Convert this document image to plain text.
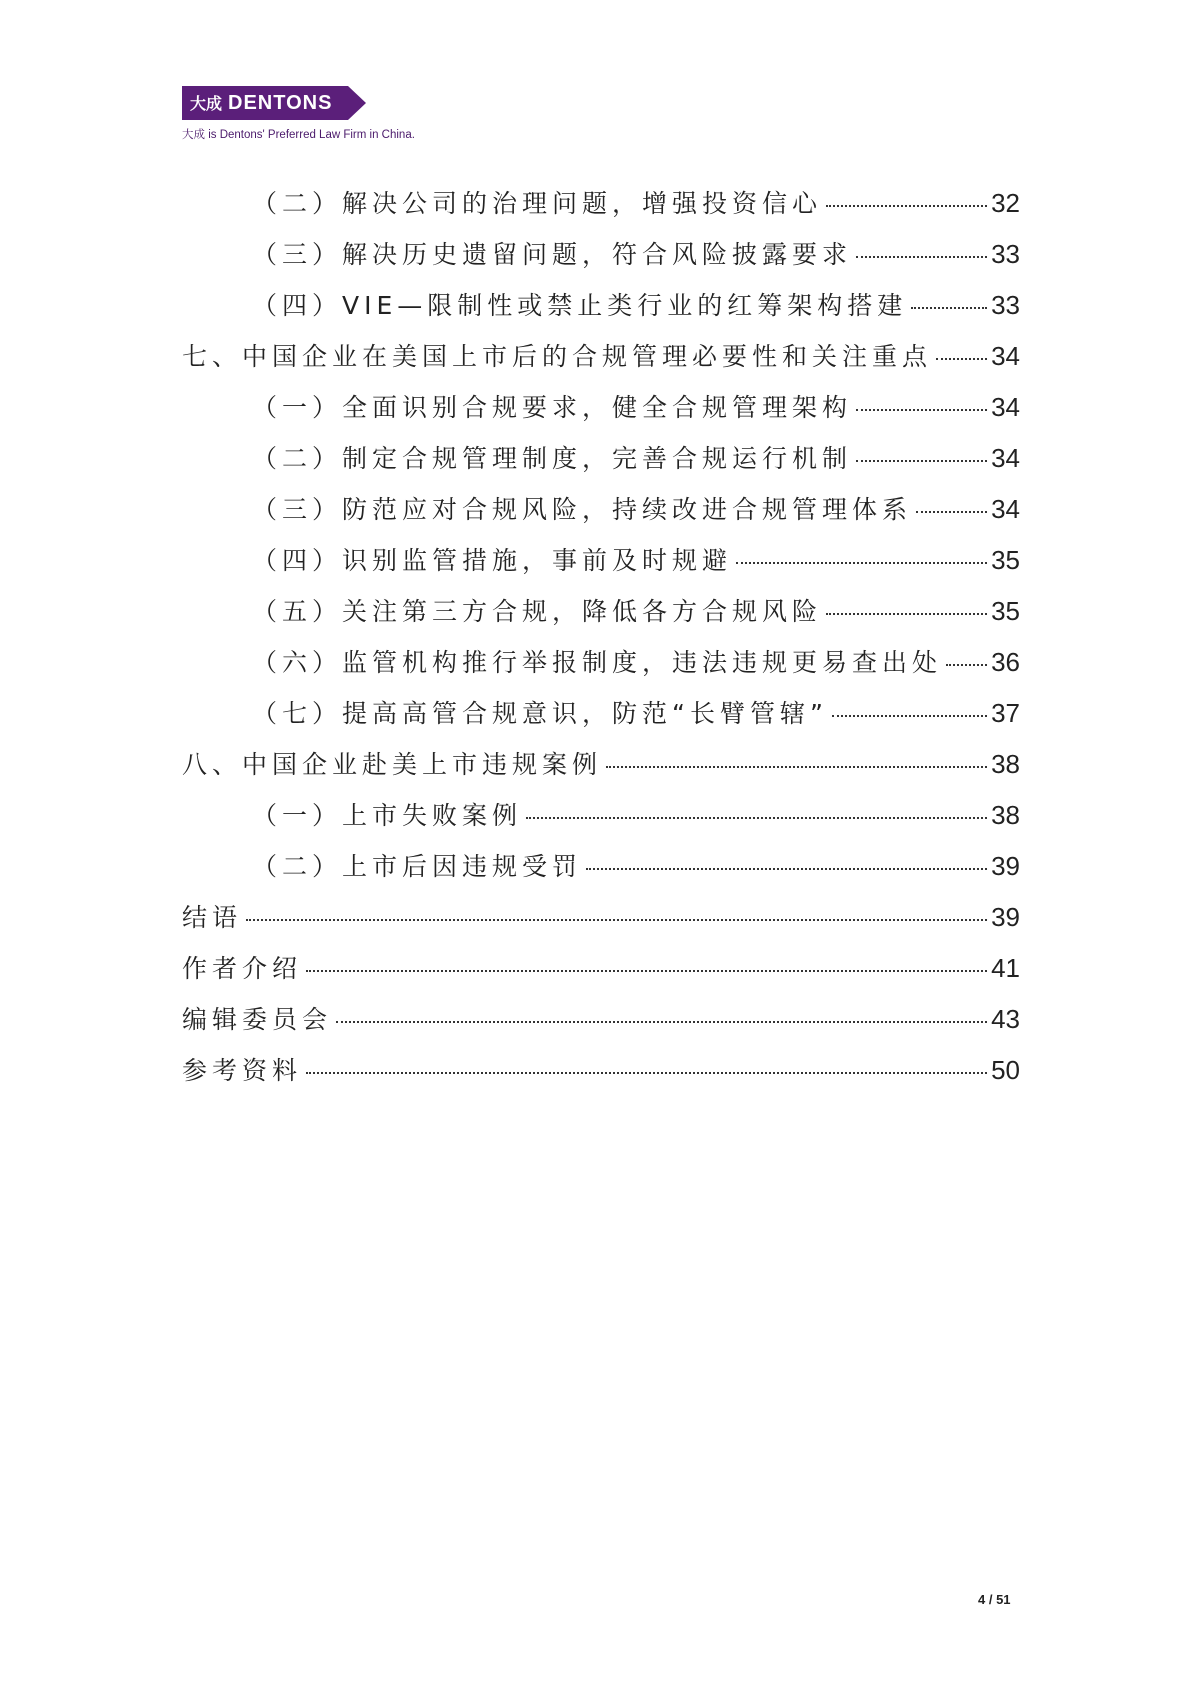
大成 DENTONS
大成 is Dentons' Preferred Law Firm in China.
（二）解决公司的治理问题，增强投资信心	32
（三）解决历史遗留问题，符合风险披露要求	33
（四）VIE—限制性或禁止类行业的红筹架构搭建	33
七、中国企业在美国上市后的合规管理必要性和关注重点 34
（一）全面识别合规要求，健全合规管理架构	34
（二）制定合规管理制度，完善合规运行机制	34
（三）防范应对合规风险，持续改进合规管理体系	34
（四）识别监管措施，事前及时规避	35
（五）关注第三方合规，降低各方合规风险	35
（六）监管机构推行举报制度，违法违规更易查出处 36
（七）提高高管合规意识，防范“长臂管辖”	37
八、中国企业赴美上市违规案例	38
（一）上市失败案例	38
（二）上市后因违规受罚	39
结语	39
作者介绍	41
编辑委员会	43
参考资料	50
4 / 51
